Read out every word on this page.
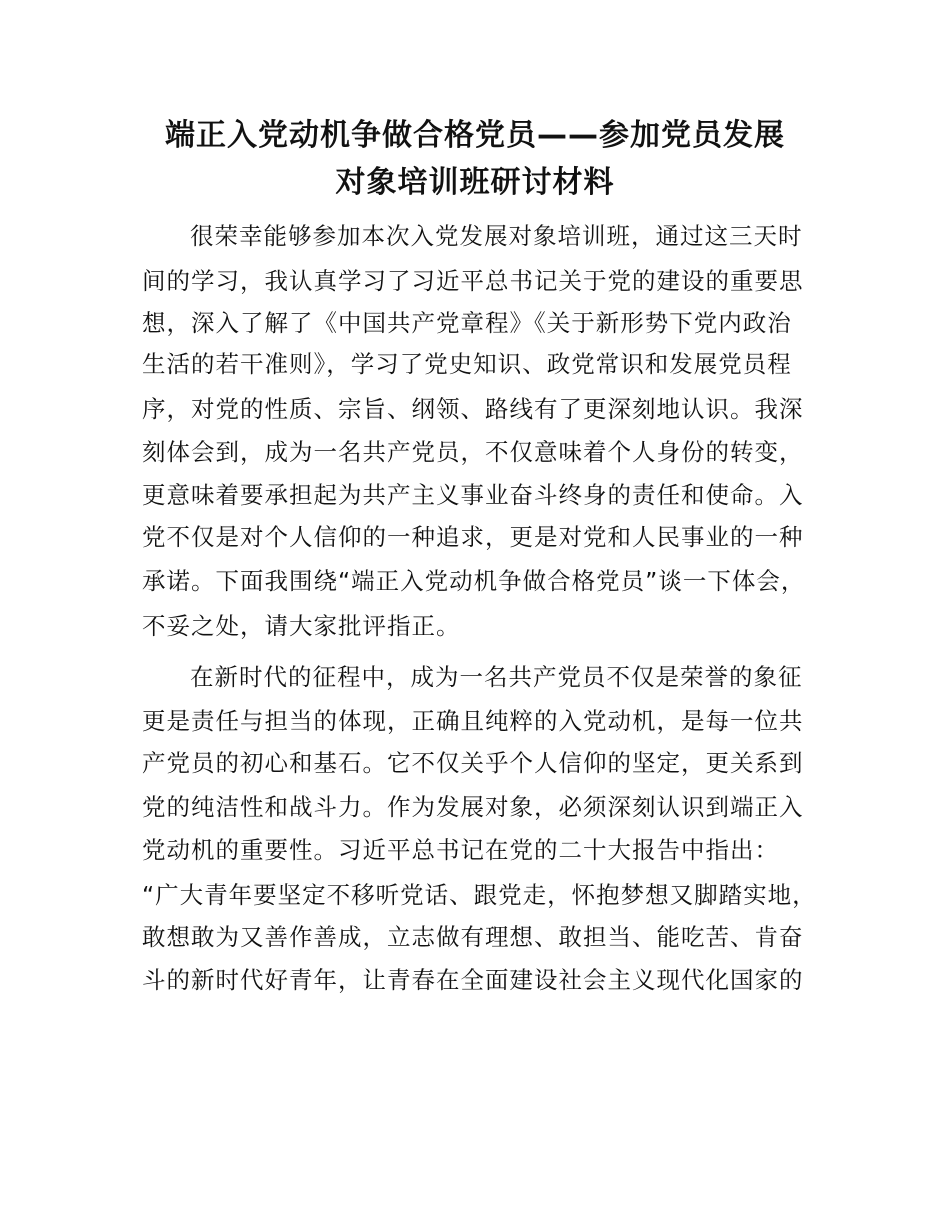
端正入党动机争做合格党员——参加党员发展
对象培训班研讨材料

很荣幸能够参加本次入党发展对象培训班，通过这三天时

间的学习，我认真学习了习近平总书记关于党的建设的重要思

想，深入了解了《中国共产党章程》《关于新形势下党内政治

生活的若干准则》，学习了党史知识、政党常识和发展党员程

序，对党的性质、宗旨、纲领、路线有了更深刻地认识。我深

刻体会到，成为一名共产党员，不仅意味着个人身份的转变，

更意味着要承担起为共产主义事业奋斗终身的责任和使命。入

党不仅是对个人信仰的一种追求，更是对党和人民事业的一种

承诺。下面我围绕“端正入党动机争做合格党员”谈一下体会，

不妥之处，请大家批评指正。

在新时代的征程中，成为一名共产党员不仅是荣誉的象征

更是责任与担当的体现，正确且纯粹的入党动机，是每一位共

产党员的初心和基石。它不仅关乎个人信仰的坚定，更关系到

党的纯洁性和战斗力。作为发展对象，必须深刻认识到端正入

党动机的重要性。习近平总书记在党的二十大报告中指出：

“广大青年要坚定不移听党话、跟党走，怀抱梦想又脚踏实地，

敢想敢为又善作善成，立志做有理想、敢担当、能吃苦、肯奋

斗的新时代好青年，让青春在全面建设社会主义现代化国家的
